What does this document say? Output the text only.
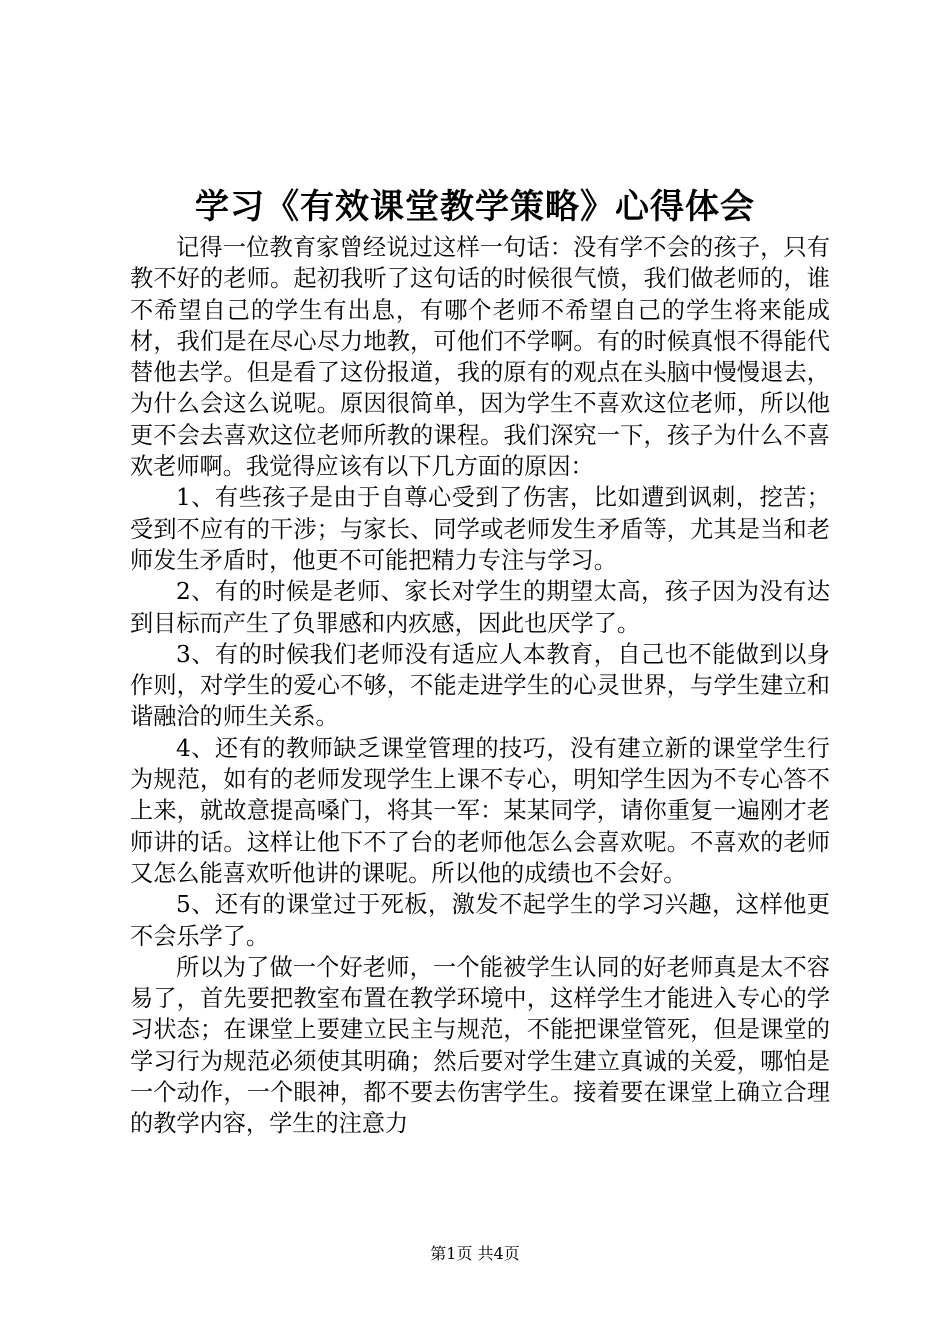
学习《有效课堂教学策略》心得体会

记得一位教育家曾经说过这样一句话：没有学不会的孩子，只有教不好的老师。起初我听了这句话的时候很气愤，我们做老师的，谁不希望自己的学生有出息，有哪个老师不希望自己的学生将来能成材，我们是在尽心尽力地教，可他们不学啊。有的时候真恨不得能代替他去学。但是看了这份报道，我的原有的观点在头脑中慢慢退去，为什么会这么说呢。原因很简单，因为学生不喜欢这位老师，所以他更不会去喜欢这位老师所教的课程。我们深究一下，孩子为什么不喜欢老师啊。我觉得应该有以下几方面的原因：

1、有些孩子是由于自尊心受到了伤害，比如遭到讽刺，挖苦；受到不应有的干涉；与家长、同学或老师发生矛盾等，尤其是当和老师发生矛盾时，他更不可能把精力专注与学习。

2、有的时候是老师、家长对学生的期望太高，孩子因为没有达到目标而产生了负罪感和内疚感，因此也厌学了。

3、有的时候我们老师没有适应人本教育，自己也不能做到以身作则，对学生的爱心不够，不能走进学生的心灵世界，与学生建立和谐融洽的师生关系。

4、还有的教师缺乏课堂管理的技巧，没有建立新的课堂学生行为规范，如有的老师发现学生上课不专心，明知学生因为不专心答不上来，就故意提高嗓门，将其一军：某某同学，请你重复一遍刚才老师讲的话。这样让他下不了台的老师他怎么会喜欢呢。不喜欢的老师又怎么能喜欢听他讲的课呢。所以他的成绩也不会好。

5、还有的课堂过于死板，激发不起学生的学习兴趣，这样他更不会乐学了。

所以为了做一个好老师，一个能被学生认同的好老师真是太不容易了，首先要把教室布置在教学环境中，这样学生才能进入专心的学习状态；在课堂上要建立民主与规范，不能把课堂管死，但是课堂的学习行为规范必须使其明确；然后要对学生建立真诚的关爱，哪怕是一个动作，一个眼神，都不要去伤害学生。接着要在课堂上确立合理的教学内容，学生的注意力

第1页 共4页
